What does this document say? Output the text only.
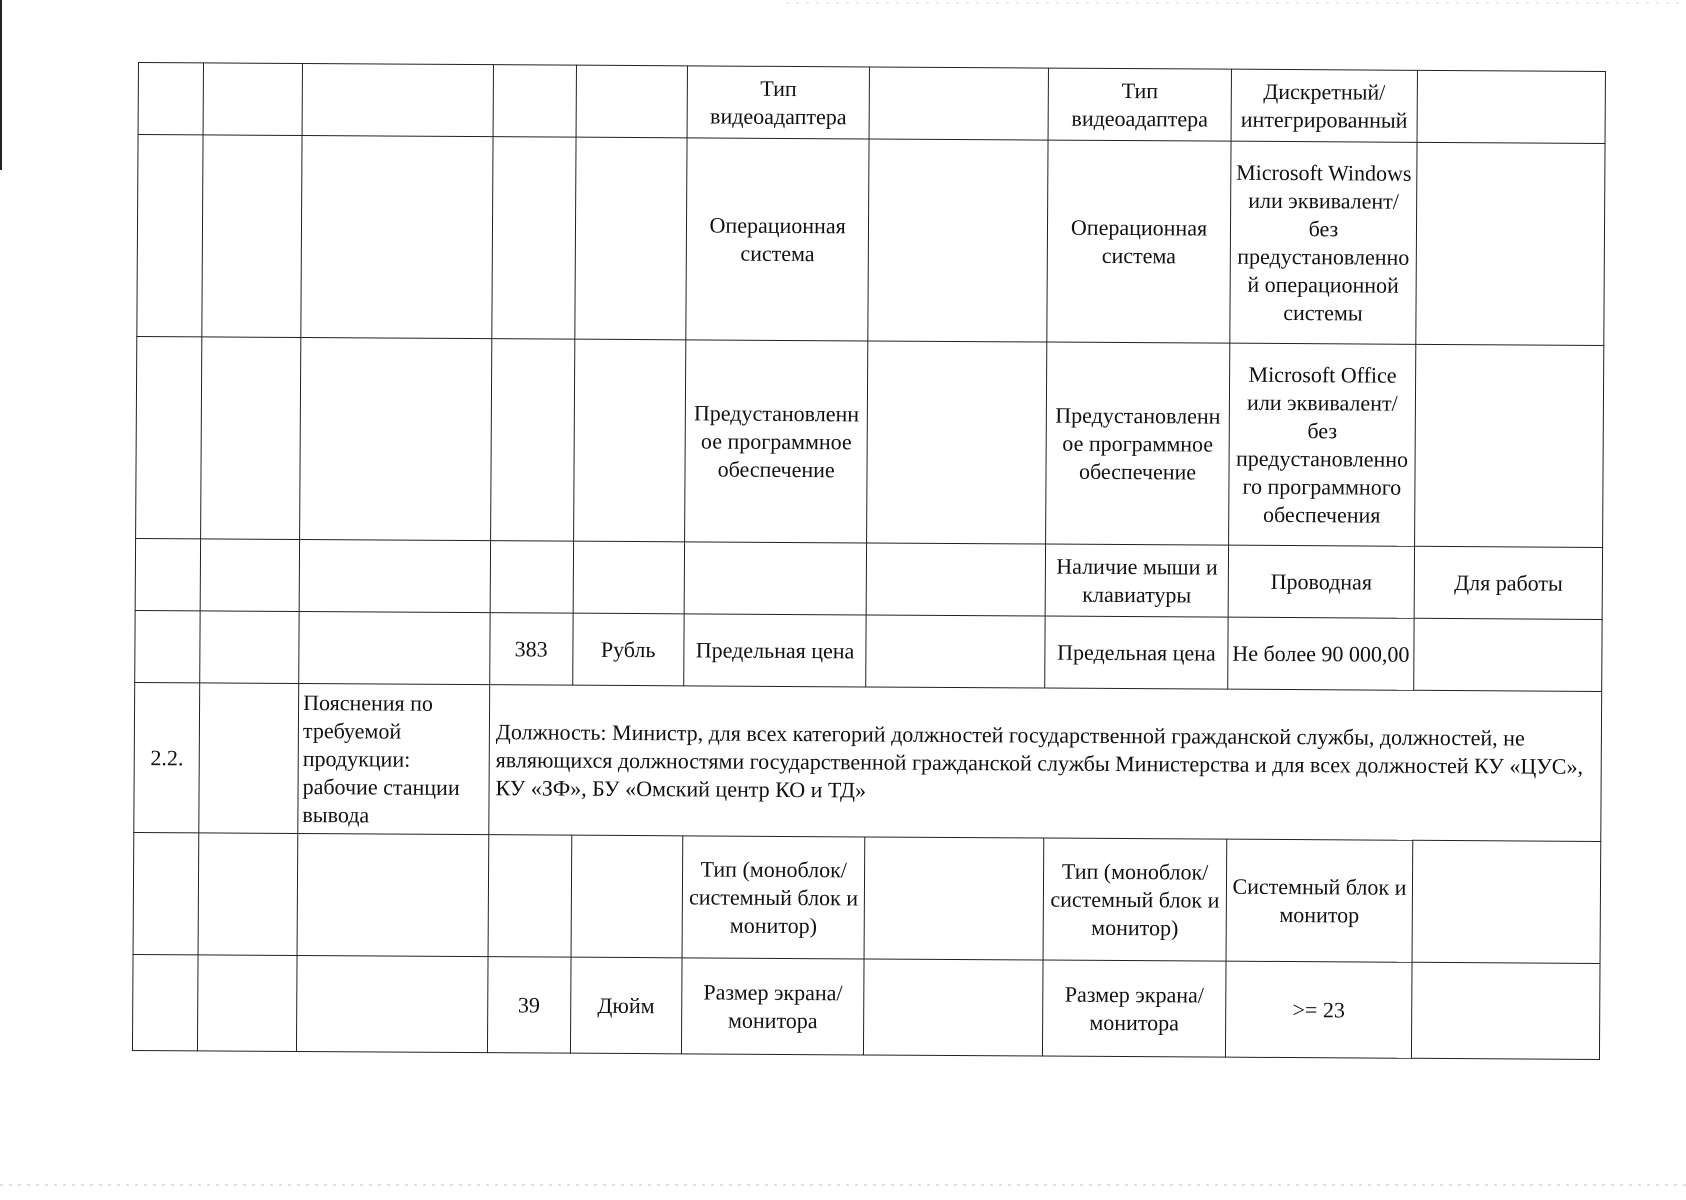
					Тип видеоадаптера		Тип видеоадаптера	Дискретный/интегрированный	
					Операционная система		Операционная система	Microsoft Windows или эквивалент/без предустановленной операционной системы	
					Предустановленное программное обеспечение		Предустановленное программное обеспечение	Microsoft Office или эквивалент/без предустановленного программного обеспечения	
							Наличие мыши и клавиатуры	Проводная	Для работы
			383	Рубль	Предельная цена		Предельная цена	Не более 90 000,00	
2.2.		Пояснения по требуемой продукции: рабочие станции вывода	Должность: Министр, для всех категорий должностей государственной гражданской службы, должностей, не являющихся должностями государственной гражданской службы Министерства и для всех должностей КУ «ЦУС», КУ «ЗФ», БУ «Омский центр КО и ТД»						
					Тип (моноблок/системный блок и монитор)		Тип (моноблок/системный блок и монитор)	Системный блок и монитор	
			39	Дюйм	Размер экрана/монитора		Размер экрана/монитора	>= 23	
